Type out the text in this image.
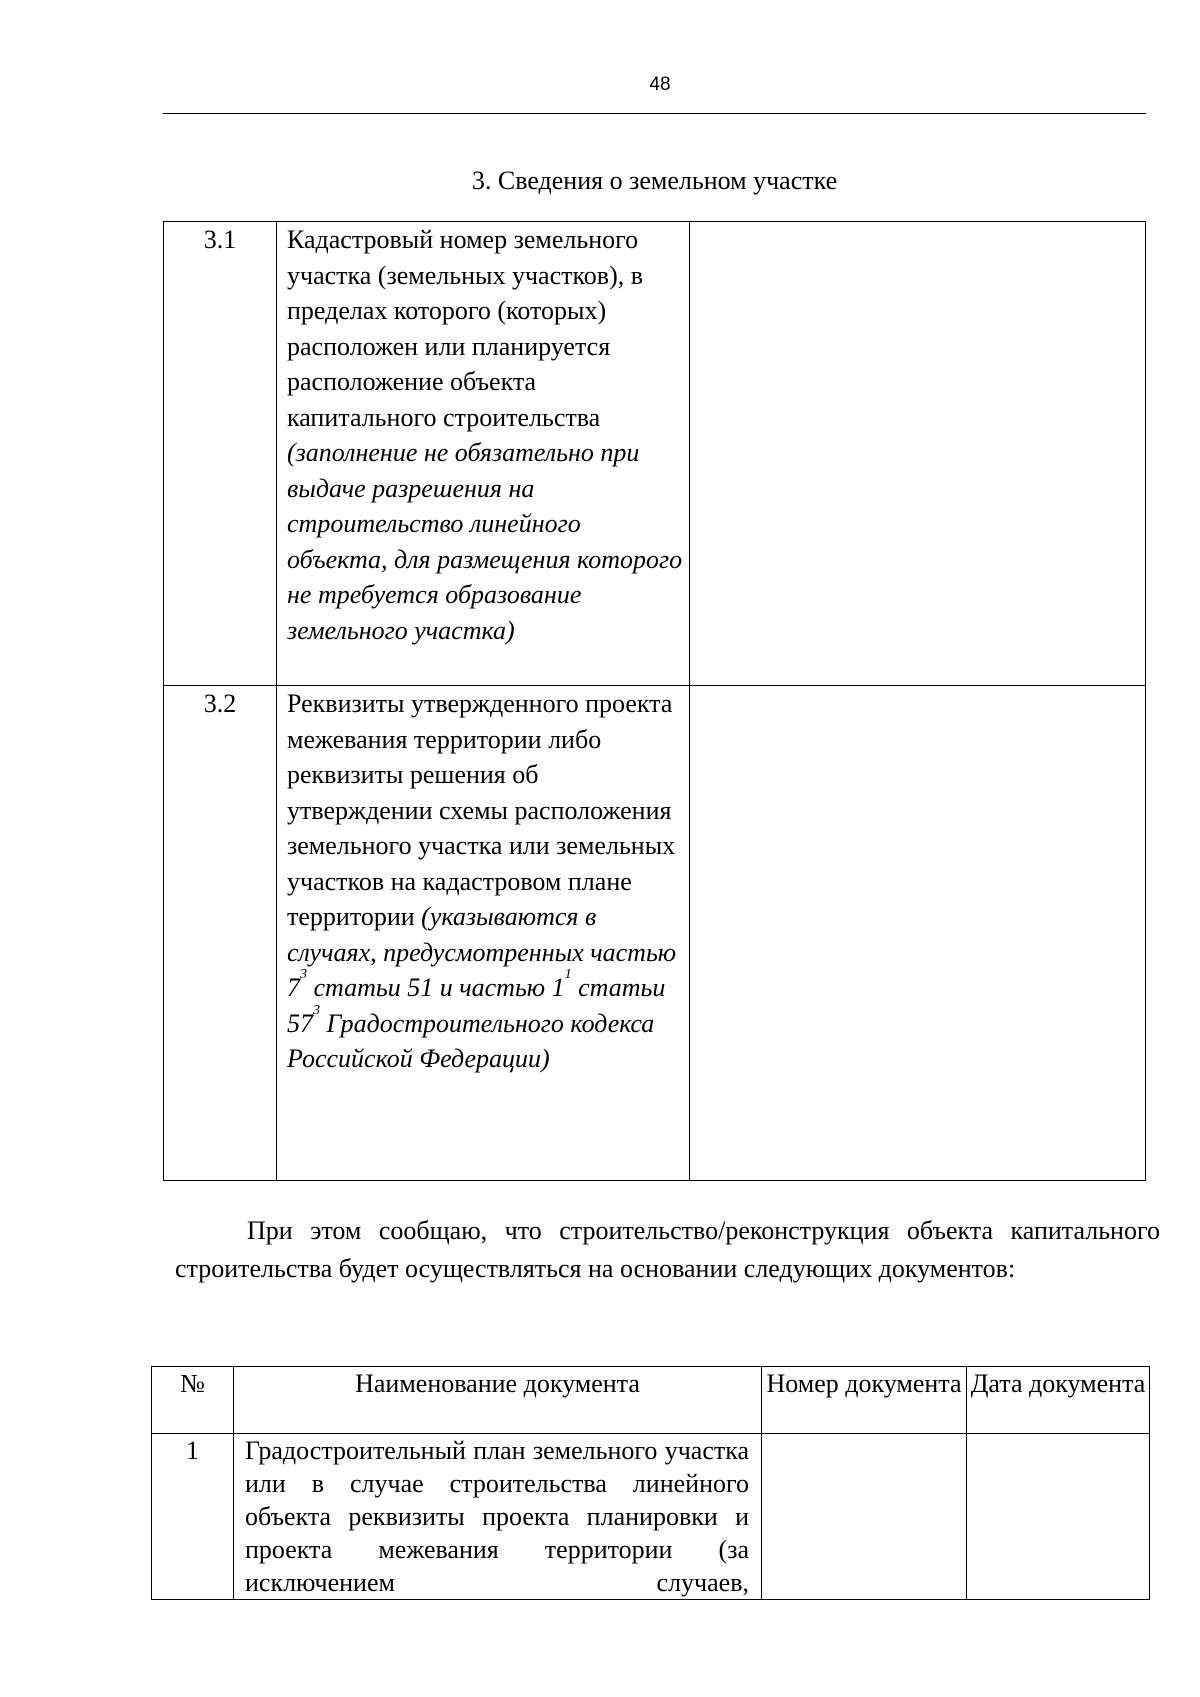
48
3. Сведения о земельном участке
3.1	Кадастровый номер земельного участка (земельных участков), в пределах которого (которых) расположен или планируется расположение объекта капитального строительства (заполнение не обязательно при выдаче разрешения на строительство линейного объекта, для размещения которого не требуется образование земельного участка)	
3.2	Реквизиты утвержденного проекта межевания территории либо реквизиты решения об утверждении схемы расположения земельного участка или земельных участков на кадастровом плане территории (указываются в случаях, предусмотренных частью $7^3$ статьи 51 и частью $1^1$ статьи $57^3$ Градостроительного кодекса Российской Федерации)	

При этом сообщаю, что строительство/реконструкция объекта капитального строительства будет осуществляться на основании следующих документов:

№	Наименование документа	Номер документа	Дата документа
1	Градостроительный план земельного участка или в случае строительства линейного объекта реквизиты проекта планировки и проекта межевания территории (за исключением случаев,		
